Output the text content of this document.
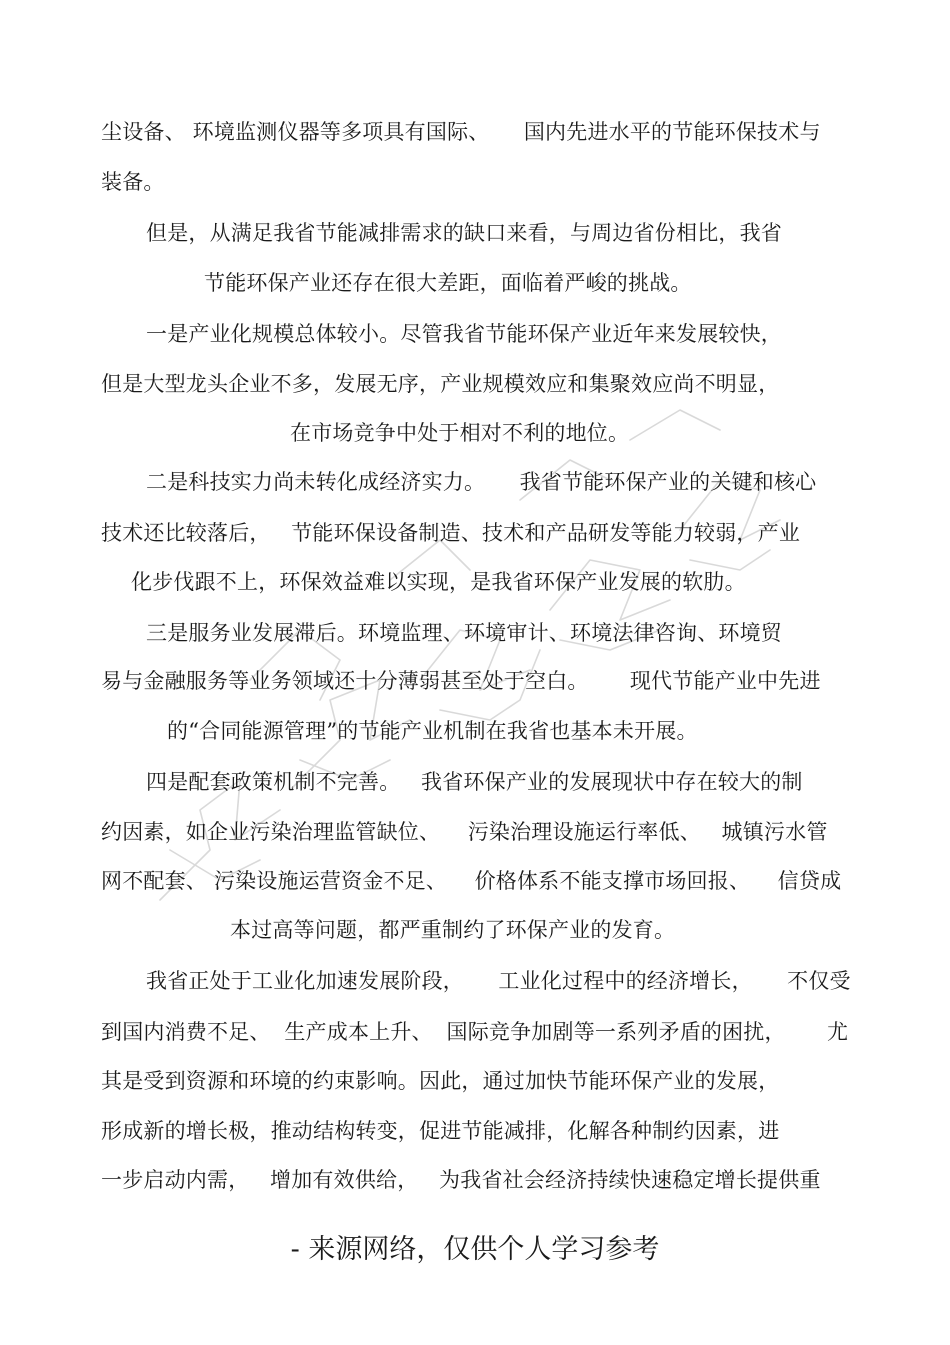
尘设备、 环境监测仪器等多项具有国际、     国内先进水平的节能环保技术与
装备。
但是，从满足我省节能减排需求的缺口来看，与周边省份相比，我省
节能环保产业还存在很大差距，面临着严峻的挑战。
一是产业化规模总体较小。尽管我省节能环保产业近年来发展较快，
但是大型龙头企业不多，发展无序，产业规模效应和集聚效应尚不明显，
在市场竞争中处于相对不利的地位。
二是科技实力尚未转化成经济实力。     我省节能环保产业的关键和核心
技术还比较落后，   节能环保设备制造、技术和产品研发等能力较弱，产业
化步伐跟不上，环保效益难以实现，是我省环保产业发展的软肋。
三是服务业发展滞后。环境监理、环境审计、环境法律咨询、环境贸
易与金融服务等业务领域还十分薄弱甚至处于空白。      现代节能产业中先进
的“合同能源管理”的节能产业机制在我省也基本未开展。
四是配套政策机制不完善。   我省环保产业的发展现状中存在较大的制
约因素，如企业污染治理监管缺位、    污染治理设施运行率低、   城镇污水管
网不配套、 污染设施运营资金不足、    价格体系不能支撑市场回报、    信贷成
本过高等问题，都严重制约了环保产业的发育。
我省正处于工业化加速发展阶段，     工业化过程中的经济增长，     不仅受
到国内消费不足、  生产成本上升、  国际竞争加剧等一系列矛盾的困扰，      尤
其是受到资源和环境的约束影响。因此，通过加快节能环保产业的发展，
形成新的增长极，推动结构转变，促进节能减排，化解各种制约因素，进
一步启动内需，   增加有效供给，   为我省社会经济持续快速稳定增长提供重
- 来源网络，仅供个人学习参考
